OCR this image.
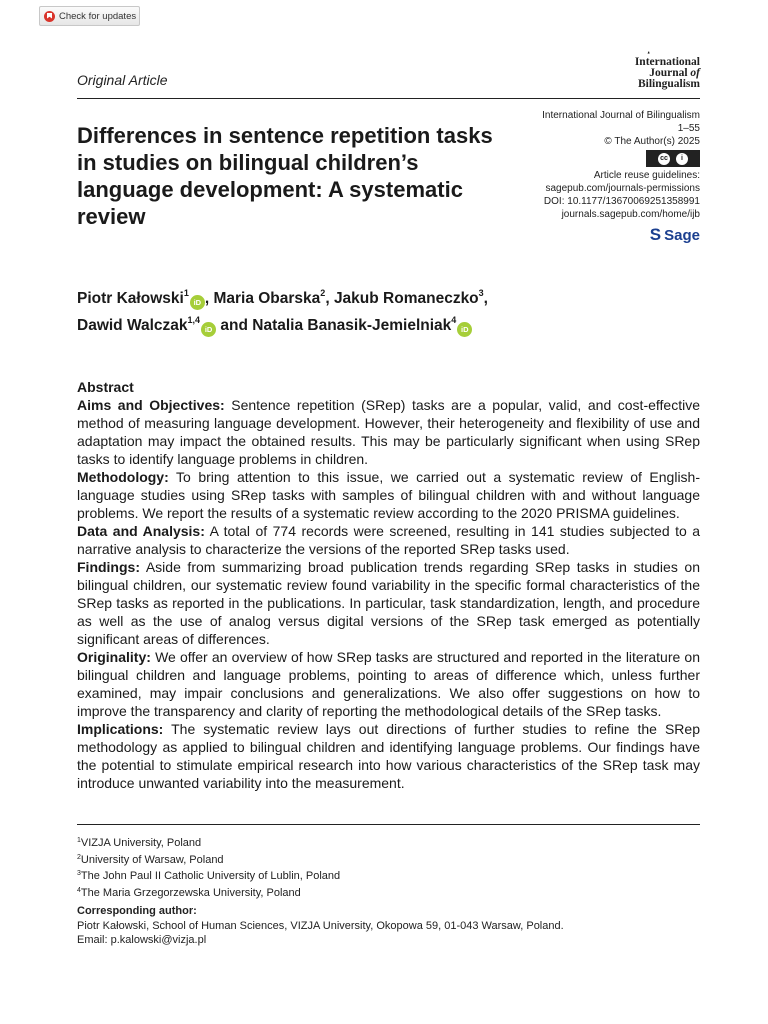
Check for updates
Original Article
ᵜ
International
Journal of
Bilingualism
Differences in sentence repetition tasks in studies on bilingual children’s language development: A systematic review
International Journal of Bilingualism
1–55
© The Author(s) 2025
cc	i
Article reuse guidelines:
sagepub.com/journals-permissions
DOI: 10.1177/13670069251358991
journals.sagepub.com/home/ijb
S Sage
Piotr Kałowski$^1$iD , Maria Obarska$^2$, Jakub Romaneczko$^3$,
Dawid Walczak$^{1,4}$iD and Natalia Banasik-Jemielniak$^4$iD
Abstract

Aims and Objectives: Sentence repetition (SRep) tasks are a popular, valid, and cost-effective method of measuring language development. However, their heterogeneity and flexibility of use and adaptation may impact the obtained results. This may be particularly significant when using SRep tasks to identify language problems in children.

Methodology: To bring attention to this issue, we carried out a systematic review of English-language studies using SRep tasks with samples of bilingual children with and without language problems. We report the results of a systematic review according to the 2020 PRISMA guidelines.

Data and Analysis: A total of 774 records were screened, resulting in 141 studies subjected to a narrative analysis to characterize the versions of the reported SRep tasks used.

Findings: Aside from summarizing broad publication trends regarding SRep tasks in studies on bilingual children, our systematic review found variability in the specific formal characteristics of the SRep tasks as reported in the publications. In particular, task standardization, length, and procedure as well as the use of analog versus digital versions of the SRep task emerged as potentially significant areas of differences.

Originality: We offer an overview of how SRep tasks are structured and reported in the literature on bilingual children and language problems, pointing to areas of difference which, unless further examined, may impair conclusions and generalizations. We also offer suggestions on how to improve the transparency and clarity of reporting the methodological details of the SRep tasks.

Implications: The systematic review lays out directions of further studies to refine the SRep methodology as applied to bilingual children and identifying language problems. Our findings have the potential to stimulate empirical research into how various characteristics of the SRep task may introduce unwanted variability into the measurement.

$^1$VIZJA University, Poland
$^2$University of Warsaw, Poland
$^3$The John Paul II Catholic University of Lublin, Poland
$^4$The Maria Grzegorzewska University, Poland
Corresponding author:
Piotr Kałowski, School of Human Sciences, VIZJA University, Okopowa 59, 01-043 Warsaw, Poland.
Email: p.kalowski@vizja.pl
